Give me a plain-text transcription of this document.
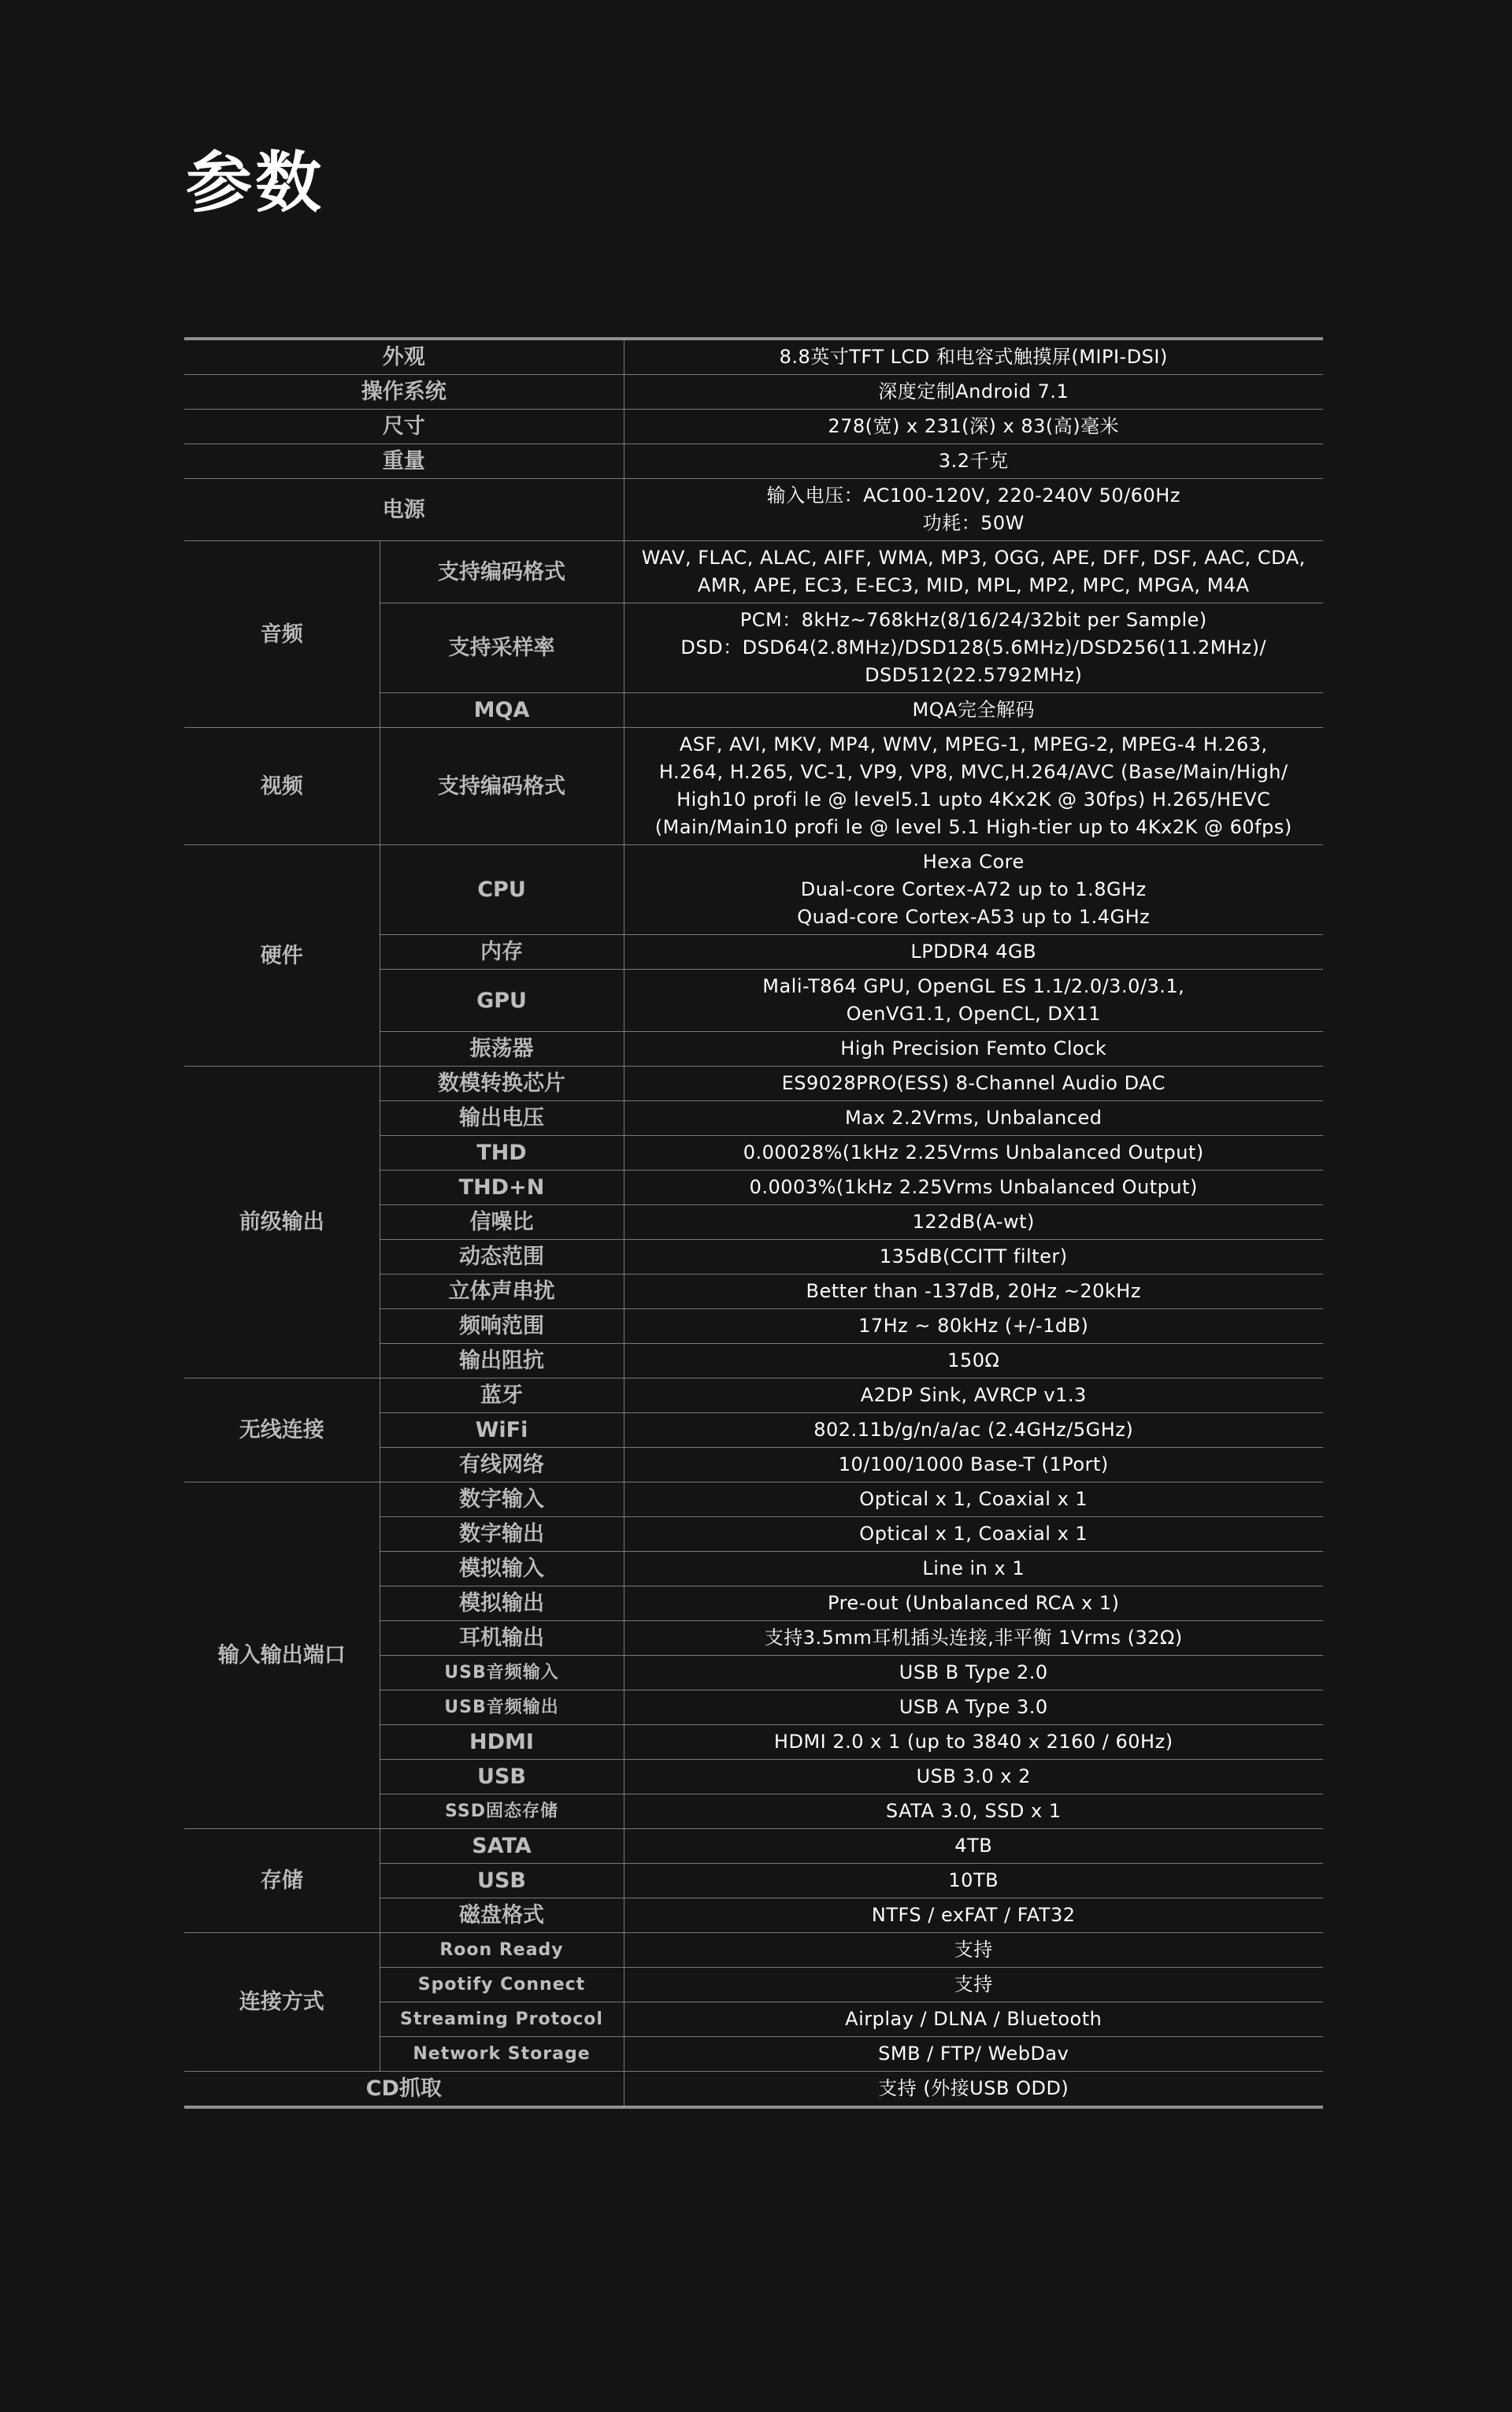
参数
外观		8.8英寸TFT LCD 和电容式触摸屏(MIPI-DSI)
操作系统		深度定制Android 7.1
尺寸		278(宽) x 231(深) x 83(高)毫米
重量		3.2千克
电源		输入电压：AC100-120V, 220-240V 50/60Hz
功耗：50W

音频	支持编码格式	WAV, FLAC, ALAC, AIFF, WMA, MP3, OGG, APE, DFF, DSF, AAC, CDA,
AMR, APE, EC3, E-EC3, MID, MPL, MP2, MPC, MPGA, M4A

	支持采样率	PCM：8kHz~768kHz(8/16/24/32bit per Sample)
DSD：DSD64(2.8MHz)/DSD128(5.6MHz)/DSD256(11.2MHz)/
DSD512(22.5792MHz)

	MQA	MQA完全解码
视频	支持编码格式	ASF, AVI, MKV, MP4, WMV, MPEG-1, MPEG-2, MPEG-4 H.263,
H.264, H.265, VC-1, VP9, VP8, MVC,H.264/AVC (Base/Main/High/
High10 profi le @ level5.1 upto 4Kx2K @ 30fps) H.265/HEVC
(Main/Main10 profi le @ level 5.1 High-tier up to 4Kx2K @ 60fps)

硬件	CPU	Hexa Core
Dual-core Cortex-A72 up to 1.8GHz
Quad-core Cortex-A53 up to 1.4GHz

	内存	LPDDR4 4GB
	GPU	Mali-T864 GPU, OpenGL ES 1.1/2.0/3.0/3.1,
OenVG1.1, OpenCL, DX11

	振荡器	High Precision Femto Clock
前级输出	数模转换芯片	ES9028PRO(ESS) 8-Channel Audio DAC
	输出电压	Max 2.2Vrms, Unbalanced
	THD	0.00028%(1kHz 2.25Vrms Unbalanced Output)
	THD+N	0.0003%(1kHz 2.25Vrms Unbalanced Output)
	信噪比	122dB(A-wt)
	动态范围	135dB(CCITT filter)
	立体声串扰	Better than -137dB, 20Hz ~20kHz
	频响范围	17Hz ~ 80kHz (+/-1dB)
	输出阻抗	150Ω
无线连接	蓝牙	A2DP Sink, AVRCP v1.3
	WiFi	802.11b/g/n/a/ac (2.4GHz/5GHz)
	有线网络	10/100/1000 Base-T (1Port)
输入输出端口	数字输入	Optical x 1, Coaxial x 1
	数字输出	Optical x 1, Coaxial x 1
	模拟输入	Line in x 1
	模拟输出	Pre-out (Unbalanced RCA x 1)
	耳机输出	支持3.5mm耳机插头连接,非平衡 1Vrms (32Ω)
	USB音频输入	USB B Type 2.0
	USB音频输出	USB A Type 3.0
	HDMI	HDMI 2.0 x 1 (up to 3840 x 2160 / 60Hz)
	USB	USB 3.0 x 2
	SSD固态存储	SATA 3.0, SSD x 1
存储	SATA	4TB
	USB	10TB
	磁盘格式	NTFS / exFAT / FAT32
连接方式	Roon Ready	支持
	Spotify Connect	支持
	Streaming Protocol	Airplay / DLNA / Bluetooth
	Network Storage	SMB / FTP/ WebDav
CD抓取		支持 (外接USB ODD)
